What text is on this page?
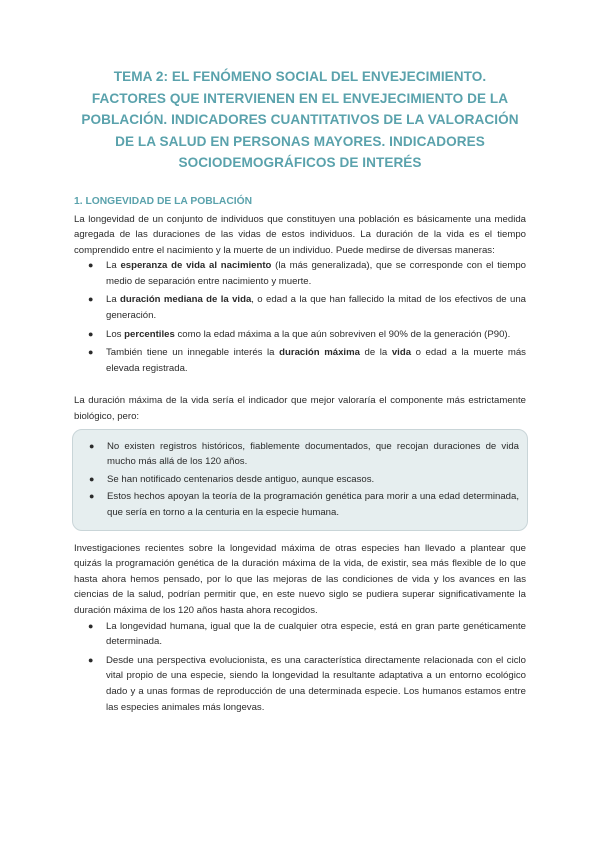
TEMA 2: EL FENÓMENO SOCIAL DEL ENVEJECIMIENTO. FACTORES QUE INTERVIENEN EN EL ENVEJECIMIENTO DE LA POBLACIÓN. INDICADORES CUANTITATIVOS DE LA VALORACIÓN DE LA SALUD EN PERSONAS MAYORES. INDICADORES SOCIODEMOGRÁFICOS DE INTERÉS
1. LONGEVIDAD DE LA POBLACIÓN

La longevidad de un conjunto de individuos que constituyen una población es básicamente una medida agregada de las duraciones de las vidas de estos individuos. La duración de la vida es el tiempo comprendido entre el nacimiento y la muerte de un individuo. Puede medirse de diversas maneras:

● La esperanza de vida al nacimiento (la más generalizada), que se corresponde con el tiempo medio de separación entre nacimiento y muerte.
● La duración mediana de la vida, o edad a la que han fallecido la mitad de los efectivos de una generación.
● Los percentiles como la edad máxima a la que aún sobreviven el 90% de la generación (P90).
● También tiene un innegable interés la duración máxima de la vida o edad a la muerte más elevada registrada.

La duración máxima de la vida sería el indicador que mejor valoraría el componente más estrictamente biológico, pero:

● No existen registros históricos, fiablemente documentados, que recojan duraciones de vida mucho más allá de los 120 años.
● Se han notificado centenarios desde antiguo, aunque escasos.
● Estos hechos apoyan la teoría de la programación genética para morir a una edad determinada, que sería en torno a la centuria en la especie humana.

Investigaciones recientes sobre la longevidad máxima de otras especies han llevado a plantear que quizás la programación genética de la duración máxima de la vida, de existir, sea más flexible de lo que hasta ahora hemos pensado, por lo que las mejoras de las condiciones de vida y los avances en las ciencias de la salud, podrían permitir que, en este nuevo siglo se pudiera superar significativamente la duración máxima de los 120 años hasta ahora recogidos.

● La longevidad humana, igual que la de cualquier otra especie, está en gran parte genéticamente determinada.
● Desde una perspectiva evolucionista, es una característica directamente relacionada con el ciclo vital propio de una especie, siendo la longevidad la resultante adaptativa a un entorno ecológico dado y a unas formas de reproducción de una determinada especie. Los humanos estamos entre las especies animales más longevas.
